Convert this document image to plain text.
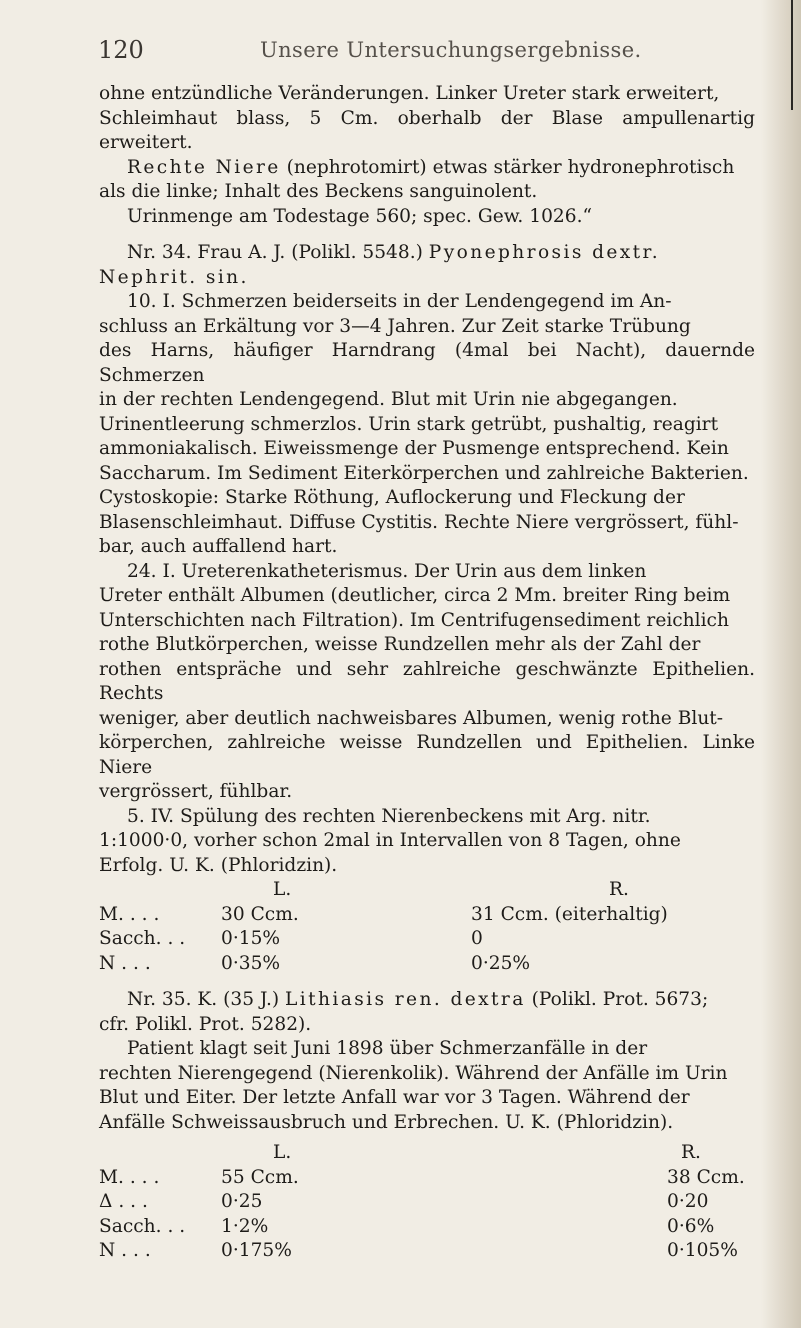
120	Unsere Untersuchungsergebnisse.

ohne entzündliche Veränderungen. Linker Ureter stark erweitert,

Schleimhaut blass, 5 Cm. oberhalb der Blase ampullenartig erweitert.

Rechte Niere (nephrotomirt) etwas stärker hydronephrotisch

als die linke; Inhalt des Beckens sanguinolent.

Urinmenge am Todestage 560; spec. Gew. 1026.“

Nr. 34. Frau A. J. (Polikl. 5548.) Pyonephrosis dextr.

Nephrit. sin.

10. I. Schmerzen beiderseits in der Lendengegend im An-

schluss an Erkältung vor 3—4 Jahren. Zur Zeit starke Trübung

des Harns, häufiger Harndrang (4mal bei Nacht), dauernde Schmerzen

in der rechten Lendengegend. Blut mit Urin nie abgegangen.

Urinentleerung schmerzlos. Urin stark getrübt, pushaltig, reagirt

ammoniakalisch. Eiweissmenge der Pusmenge entsprechend. Kein

Saccharum. Im Sediment Eiterkörperchen und zahlreiche Bakterien.

Cystoskopie: Starke Röthung, Auflockerung und Fleckung der

Blasenschleimhaut. Diffuse Cystitis. Rechte Niere vergrössert, fühl-

bar, auch auffallend hart.

24. I. Ureterenkatheterismus. Der Urin aus dem linken

Ureter enthält Albumen (deutlicher, circa 2 Mm. breiter Ring beim

Unterschichten nach Filtration). Im Centrifugensediment reichlich

rothe Blutkörperchen, weisse Rundzellen mehr als der Zahl der

rothen entspräche und sehr zahlreiche geschwänzte Epithelien. Rechts

weniger, aber deutlich nachweisbares Albumen, wenig rothe Blut-

körperchen, zahlreiche weisse Rundzellen und Epithelien. Linke Niere

vergrössert, fühlbar.

5. IV. Spülung des rechten Nierenbeckens mit Arg. nitr.

1:1000·0, vorher schon 2mal in Intervallen von 8 Tagen, ohne

Erfolg. U. K. (Phloridzin).

	L.	R.
M. . . .	30 Ccm.	31 Ccm. (eiterhaltig)
Sacch. . .	0·15%	0
N . . .	0·35%	0·25%

Nr. 35. K. (35 J.) Lithiasis ren. dextra (Polikl. Prot. 5673;

cfr. Polikl. Prot. 5282).

Patient klagt seit Juni 1898 über Schmerzanfälle in der

rechten Nierengegend (Nierenkolik). Während der Anfälle im Urin

Blut und Eiter. Der letzte Anfall war vor 3 Tagen. Während der

Anfälle Schweissausbruch und Erbrechen. U. K. (Phloridzin).

	L.	R.
M. . . .	55 Ccm.	38 Ccm.
Δ . . .	0·25	0·20
Sacch. . .	1·2%	0·6%
N . . .	0·175%	0·105%
